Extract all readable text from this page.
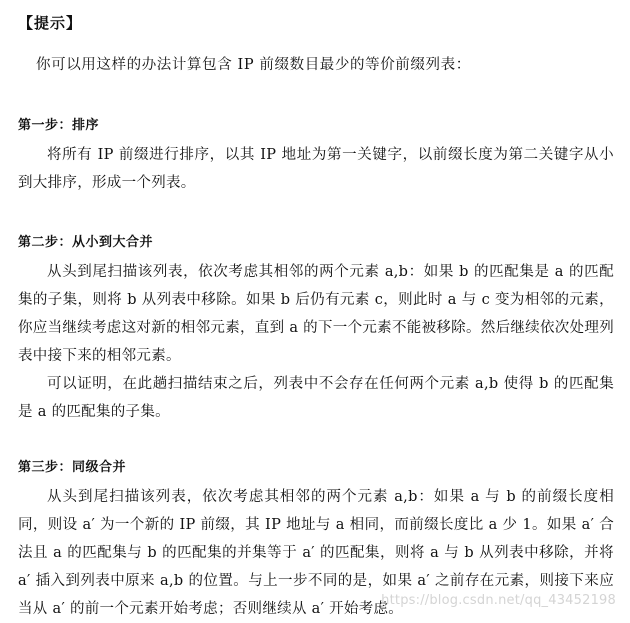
【提示】
你可以用这样的办法计算包含 IP 前缀数目最少的等价前缀列表：
第一步：排序
将所有 IP 前缀进行排序，以其 IP 地址为第一关键字，以前缀长度为第二关键字从小到大排序，形成一个列表。
第二步：从小到大合并
从头到尾扫描该列表，依次考虑其相邻的两个元素 a,b：如果 b 的匹配集是 a 的匹配集的子集，则将 b 从列表中移除。如果 b 后仍有元素 c，则此时 a 与 c 变为相邻的元素，你应当继续考虑这对新的相邻元素，直到 a 的下一个元素不能被移除。然后继续依次处理列表中接下来的相邻元素。
可以证明，在此趟扫描结束之后，列表中不会存在任何两个元素 a,b 使得 b 的匹配集是 a 的匹配集的子集。
第三步：同级合并
从头到尾扫描该列表，依次考虑其相邻的两个元素 a,b：如果 a 与 b 的前缀长度相同，则设 a′ 为一个新的 IP 前缀，其 IP 地址与 a 相同，而前缀长度比 a 少 1。如果 a′ 合法且 a 的匹配集与 b 的匹配集的并集等于 a′ 的匹配集，则将 a 与 b 从列表中移除，并将 a′ 插入到列表中原来 a,b 的位置。与上一步不同的是，如果 a′ 之前存在元素，则接下来应当从 a′ 的前一个元素开始考虑；否则继续从 a′ 开始考虑。
https://blog.csdn.net/qq_43452198
